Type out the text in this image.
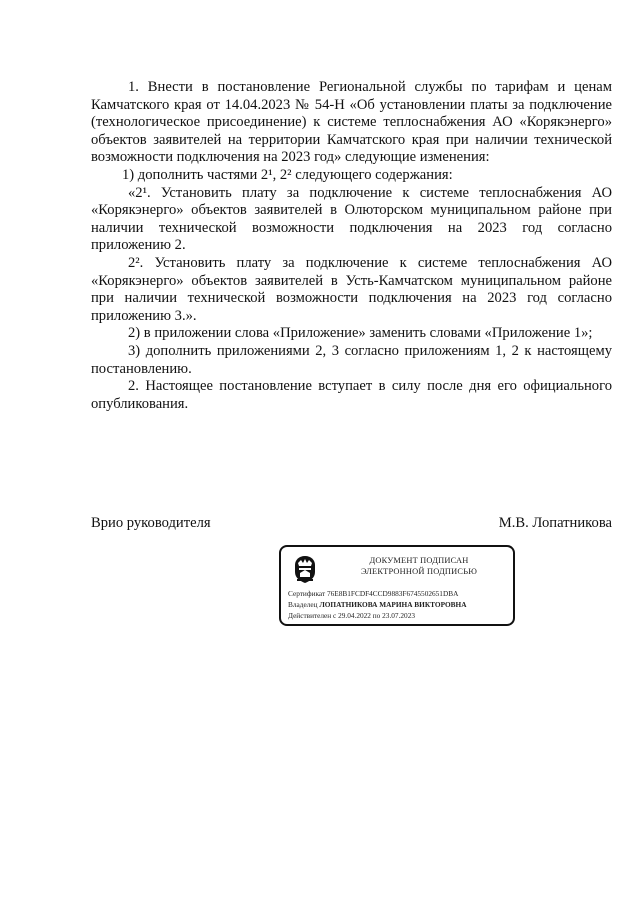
1. Внести в постановление Региональной службы по тарифам и ценам Камчатского края от 14.04.2023 № 54-Н «Об установлении платы за подключение (технологическое присоединение) к системе теплоснабжения АО «Корякэнерго» объектов заявителей на территории Камчатского края при наличии технической возможности подключения на 2023 год» следующие изменения:

1) дополнить частями 2¹, 2² следующего содержания:

«2¹. Установить плату за подключение к системе теплоснабжения АО «Корякэнерго» объектов заявителей в Олюторском муниципальном районе при наличии технической возможности подключения на 2023 год согласно приложению 2.

2². Установить плату за подключение к системе теплоснабжения АО «Корякэнерго» объектов заявителей в Усть-Камчатском муниципальном районе при наличии технической возможности подключения на 2023 год согласно приложению 3.».

2) в приложении слова «Приложение» заменить словами «Приложение 1»;

3) дополнить приложениями 2, 3 согласно приложениям 1, 2 к настоящему постановлению.

2. Настоящее постановление вступает в силу после дня его официального опубликования.

Врио руководителя	М.В. Лопатникова
ДОКУМЕНТ ПОДПИСАН
ЭЛЕКТРОННОЙ ПОДПИСЬЮ
Сертификат 76E8B1FCDF4CCD9883F6745502651DBA
Владелец ЛОПАТНИКОВА МАРИНА ВИКТОРОВНА
Действителен с 29.04.2022 по 23.07.2023
